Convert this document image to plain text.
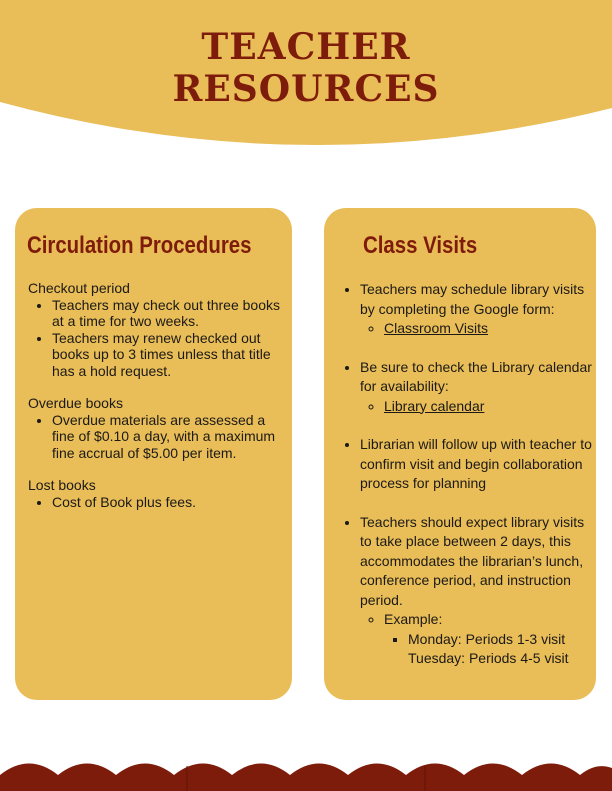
TEACHER
RESOURCES
Circulation Procedures

Checkout period

• Teachers may check out three books at a time for two weeks.
• Teachers may renew checked out books up to 3 times unless that title has a hold request.

Overdue books

• Overdue materials are assessed a fine of $0.10 a day, with a maximum fine accrual of $5.00 per item.

Lost books

• Cost of Book plus fees.
Class Visits
• Teachers may schedule library visits by completing the Google form:
◦ Classroom Visits
• Be sure to check the Library calendar for availability:
◦ Library calendar
• Librarian will follow up with teacher to confirm visit and begin collaboration process for planning
• Teachers should expect library visits to take place between 2 days, this accommodates the librarian’s lunch, conference period, and instruction period.
◦ Example:
▪ Monday: Periods 1-3 visit
Tuesday: Periods 4-5 visit
